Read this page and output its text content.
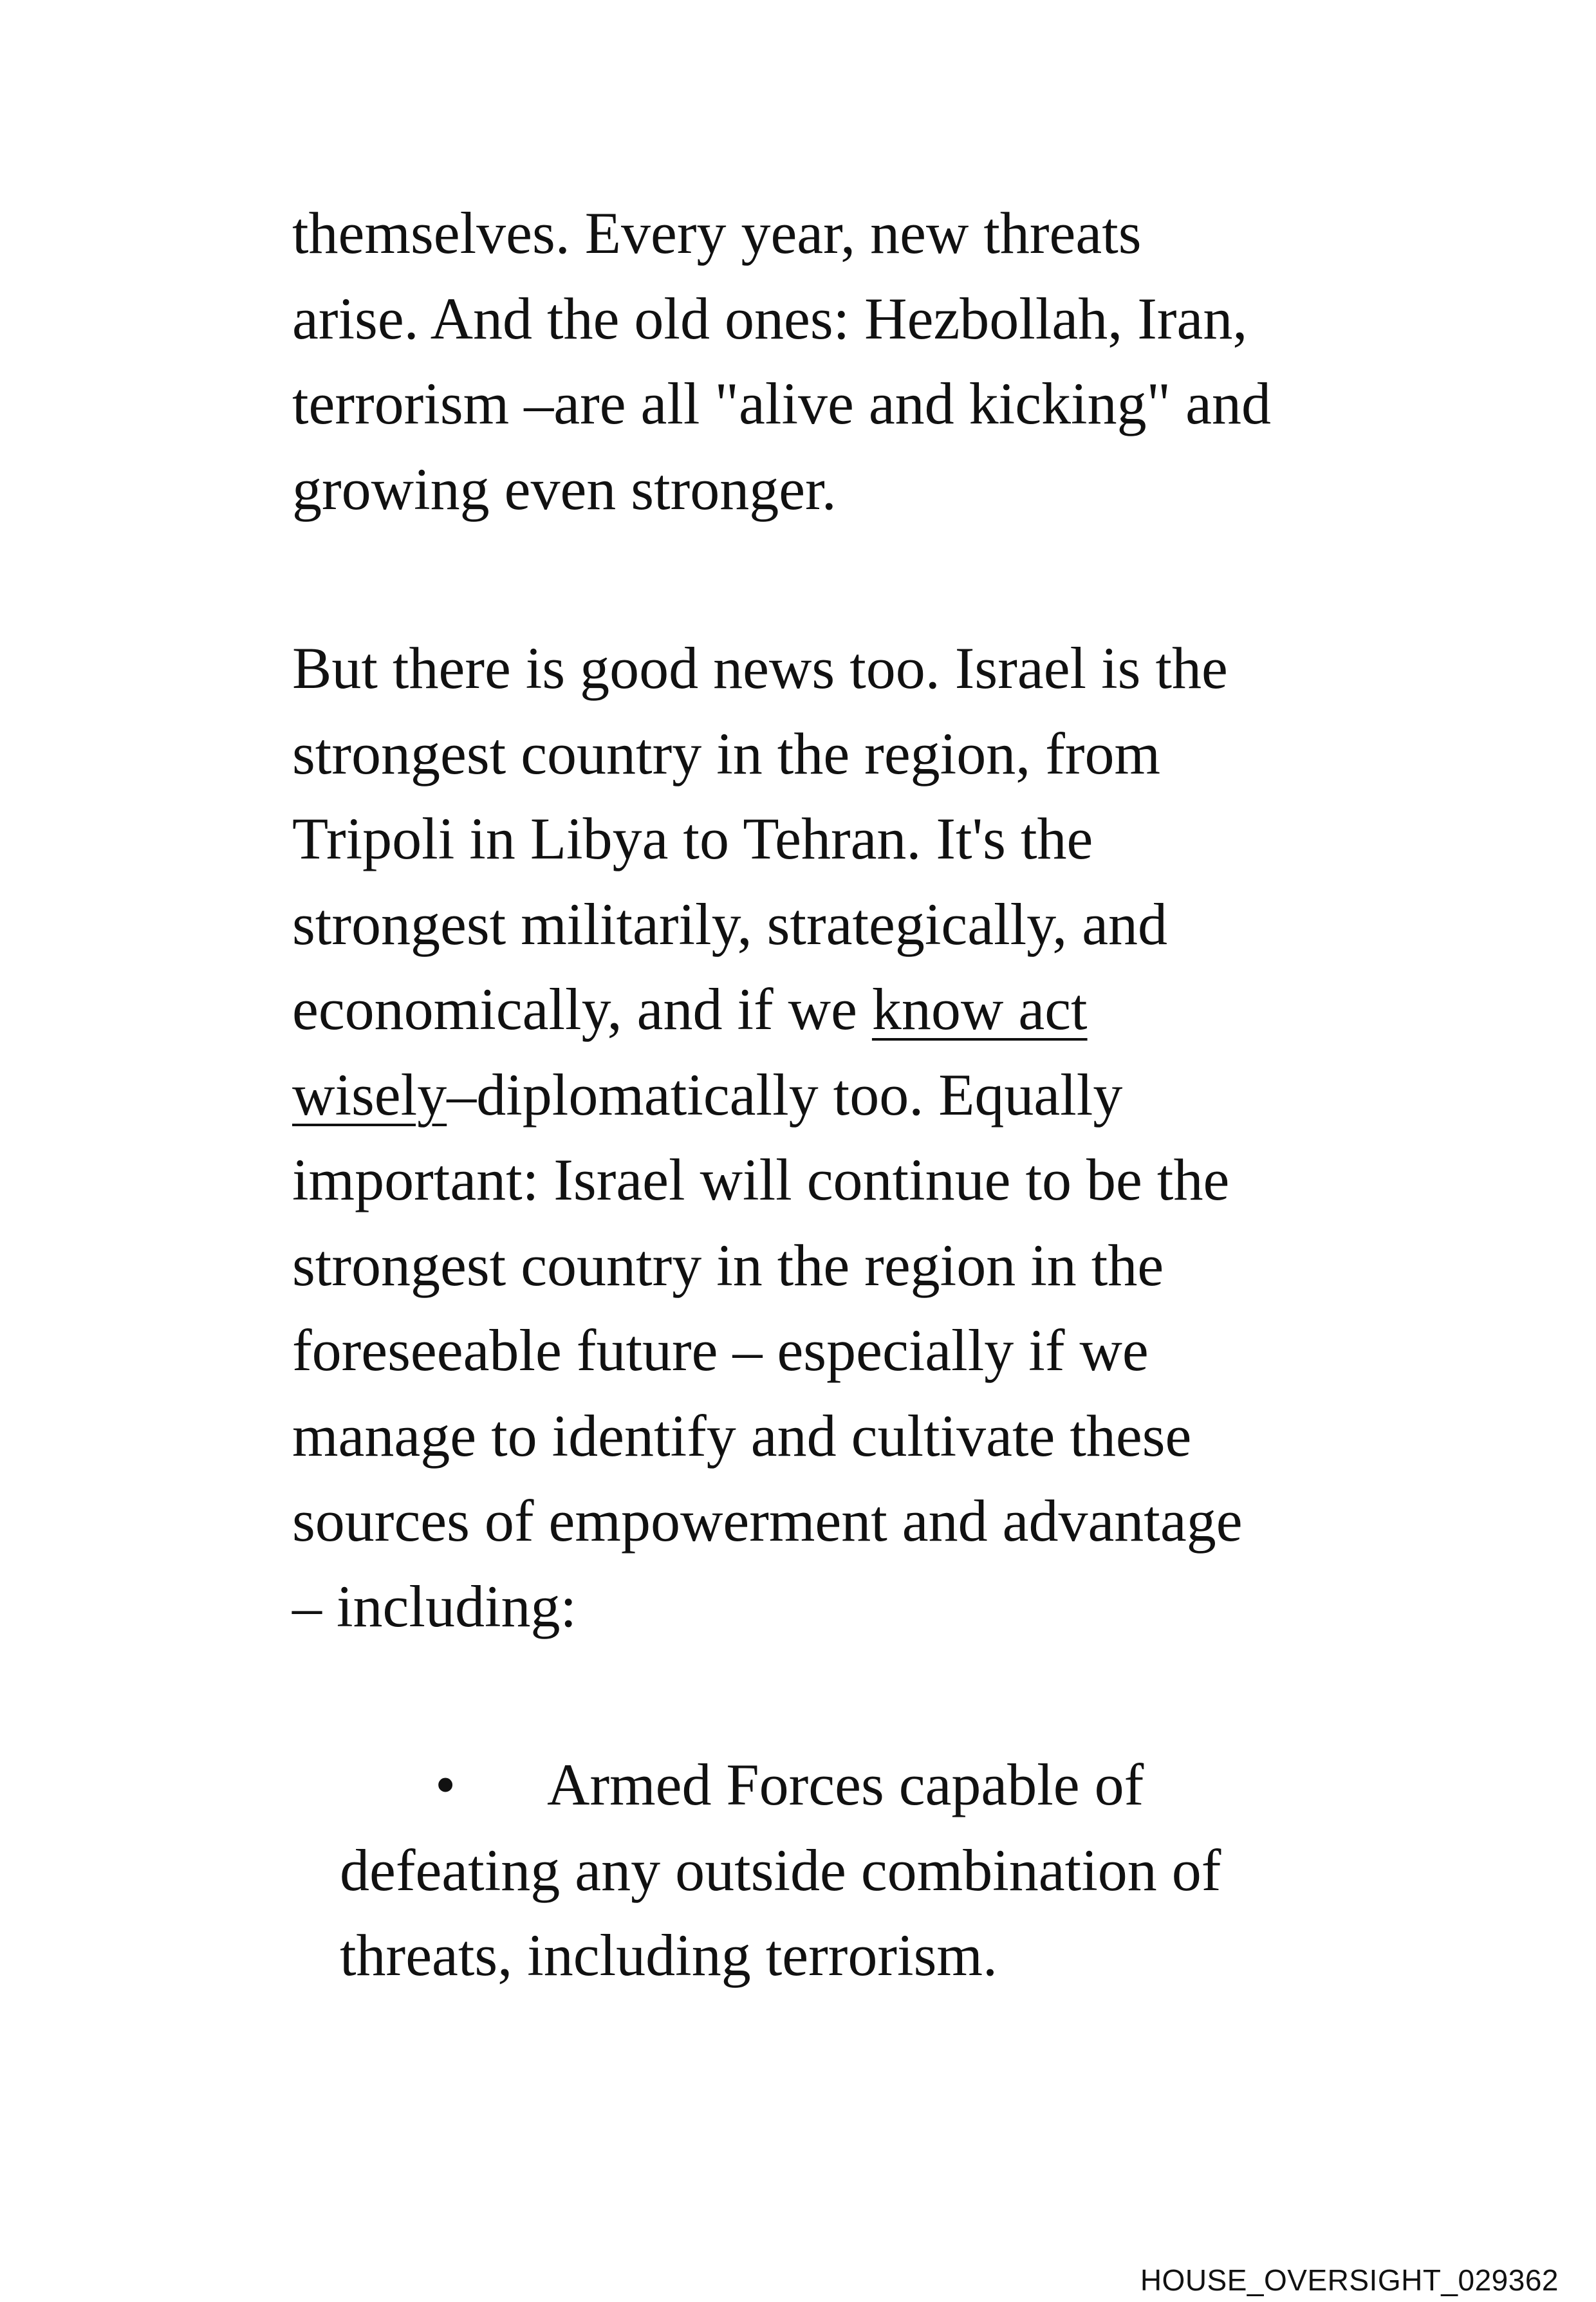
themselves. Every year, new threats
arise. And the old ones: Hezbollah, Iran,
terrorism –are all "alive and kicking" and
growing even stronger.

But there is good news too. Israel is the
strongest country in the region, from
Tripoli in Libya to Tehran. It's the
strongest militarily, strategically, and
economically, and if we know act
wisely–diplomatically too. Equally
important: Israel will continue to be the
strongest country in the region in the
foreseeable future – especially if we
manage to identify and cultivate these
sources of empowerment and advantage
– including:

• Armed Forces capable of
defeating any outside combination of
threats, including terrorism.
HOUSE_OVERSIGHT_029362
